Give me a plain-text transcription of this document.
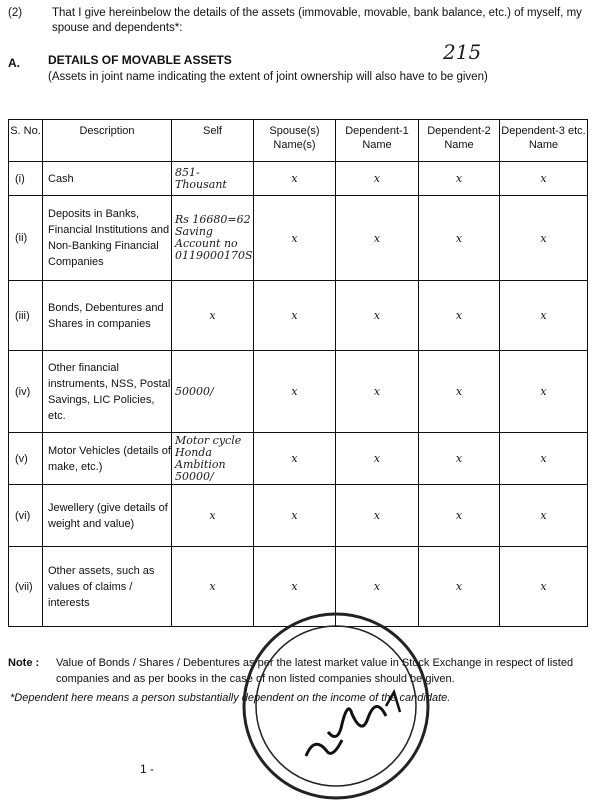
(2)	That I give hereinbelow the details of the assets (immovable, movable, bank balance, etc.) of myself, my spouse and dependents*:
215
A. DETAILS OF MOVABLE ASSETS
(Assets in joint name indicating the extent of joint ownership will also have to be given)
S. No.	Description	Self	Spouse(s) Name(s)	Dependent-1 Name	Dependent-2 Name	Dependent-3 etc. Name
(i)	Cash	851- Thousant	x	x	x	x
(ii)	Deposits in Banks, Financial Institutions and Non-Banking Financial Companies	Rs 16680=62 Saving Account no 0119000170S	x	x	x	x
(iii)	Bonds, Debentures and Shares in companies	x	x	x	x	x
(iv)	Other financial instruments, NSS, Postal Savings, LIC Policies, etc.	50000/	x	x	x	x
(v)	Motor Vehicles (details of make, etc.)	Motor cycle Honda Ambition 50000/	x	x	x	x
(vi)	Jewellery (give details of weight and value)	x	x	x	x	x
(vii)	Other assets, such as values of claims / interests	x	x	x	x	x
Note : Value of Bonds / Shares / Debentures as per the latest market value in Stock Exchange in respect of listed companies and as per books in the case of non listed companies should be given.
*Dependent here means a person substantially dependent on the income of the candidate.
1 -
